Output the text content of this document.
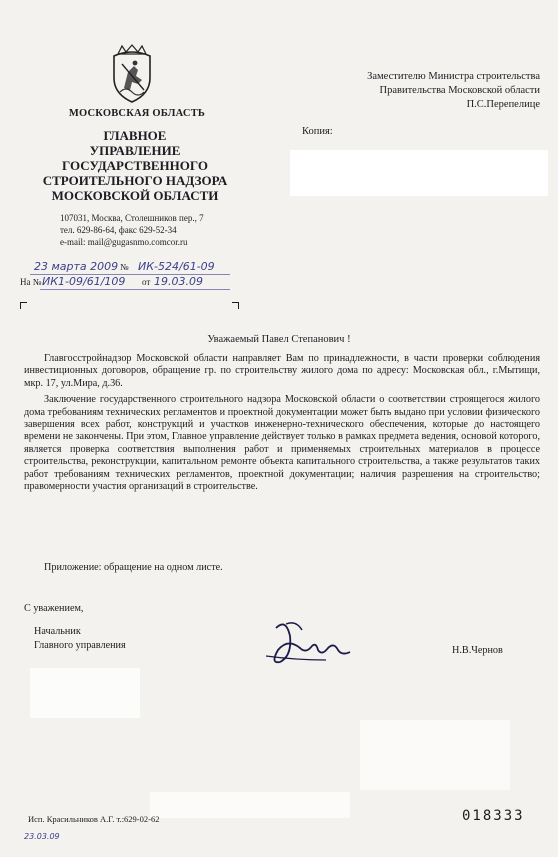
МОСКОВСКАЯ ОБЛАСТЬ
ГЛАВНОЕ
УПРАВЛЕНИЕ
ГОСУДАРСТВЕННОГО
СТРОИТЕЛЬНОГО НАДЗОРА
МОСКОВСКОЙ ОБЛАСТИ
107031, Москва, Столешников пер., 7
тел. 629-86-64, факс 629-52-34
e-mail: mail@gugasnmo.comcor.ru
Заместителю Министра строительства
Правительства Московской области
П.С.Перепелице
Копия:
23 марта 2009 № ИК-524/61-09
На № ИК1-09/61/109 от 19.03.09
Уважаемый Павел Степанович !

Главгосстройнадзор Московской области направляет Вам по принадлежности, в части проверки соблюдения инвестиционных договоров, обращение гр. по строительству жилого дома по адресу: Московская обл., г.Мытищи, мкр. 17, ул.Мира, д.36.

Заключение государственного строительного надзора Московской области о соответствии строящегося жилого дома требованиям технических регламентов и проектной документации может быть выдано при условии физического завершения всех работ, конструкций и участков инженерно-технического обеспечения, которые до настоящего времени не закончены. При этом, Главное управление действует только в рамках предмета ведения, основой которого, является проверка соответствия выполнения работ и применяемых строительных материалов в процессе строительства, реконструкции, капитальном ремонте объекта капитального строительства, а также результатов таких работ требованиям технических регламентов, проектной документации; наличия разрешения на строительство; правомерности участия организаций в строительстве.

Приложение: обращение на одном листе.
С уважением,
Начальник
Главного управления	Н.В.Чернов
Исп. Красильников А.Г. т.:629-02-62
23.03.09
018333
